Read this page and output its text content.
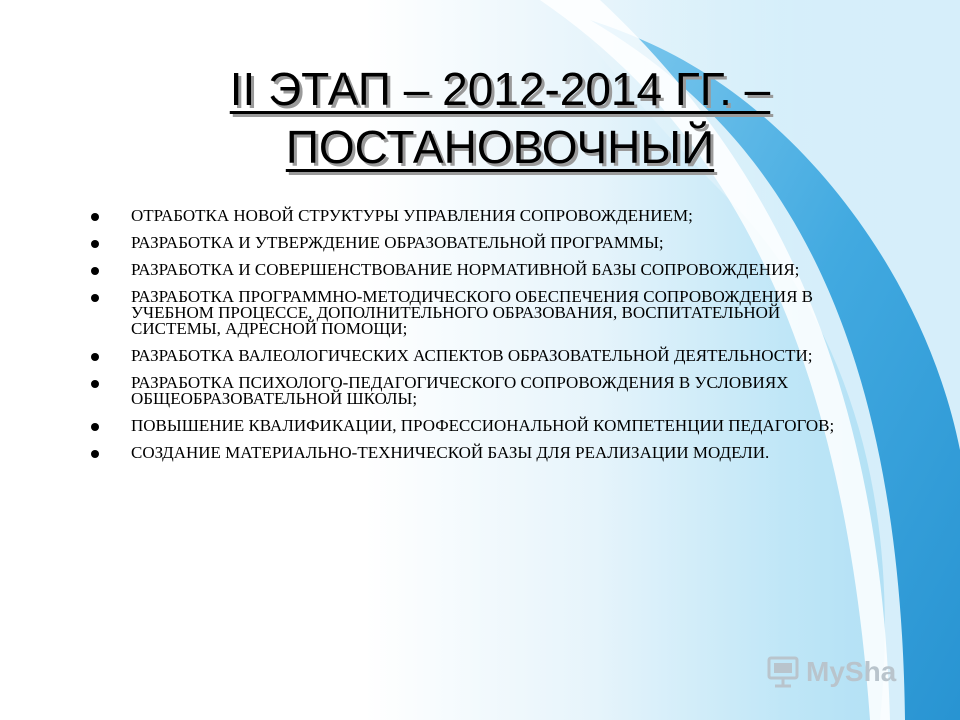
II ЭТАП – 2012-2014 ГГ. – ПОСТАНОВОЧНЫЙ
ОТРАБОТКА НОВОЙ СТРУКТУРЫ УПРАВЛЕНИЯ СОПРОВОЖДЕНИЕМ;
РАЗРАБОТКА И УТВЕРЖДЕНИЕ ОБРАЗОВАТЕЛЬНОЙ ПРОГРАММЫ;
РАЗРАБОТКА И СОВЕРШЕНСТВОВАНИЕ НОРМАТИВНОЙ БАЗЫ СОПРОВОЖДЕНИЯ;
РАЗРАБОТКА ПРОГРАММНО-МЕТОДИЧЕСКОГО ОБЕСПЕЧЕНИЯ СОПРОВОЖДЕНИЯ В УЧЕБНОМ ПРОЦЕССЕ, ДОПОЛНИТЕЛЬНОГО ОБРАЗОВАНИЯ, ВОСПИТАТЕЛЬНОЙ СИСТЕМЫ, АДРЕСНОЙ ПОМОЩИ;
РАЗРАБОТКА ВАЛЕОЛОГИЧЕСКИХ АСПЕКТОВ ОБРАЗОВАТЕЛЬНОЙ ДЕЯТЕЛЬНОСТИ;
РАЗРАБОТКА ПСИХОЛОГО-ПЕДАГОГИЧЕСКОГО СОПРОВОЖДЕНИЯ В УСЛОВИЯХ ОБЩЕОБРАЗОВАТЕЛЬНОЙ ШКОЛЫ;
ПОВЫШЕНИЕ КВАЛИФИКАЦИИ, ПРОФЕССИОНАЛЬНОЙ КОМПЕТЕНЦИИ ПЕДАГОГОВ;
СОЗДАНИЕ МАТЕРИАЛЬНО-ТЕХНИЧЕСКОЙ БАЗЫ ДЛЯ РЕАЛИЗАЦИИ МОДЕЛИ.
MySha
